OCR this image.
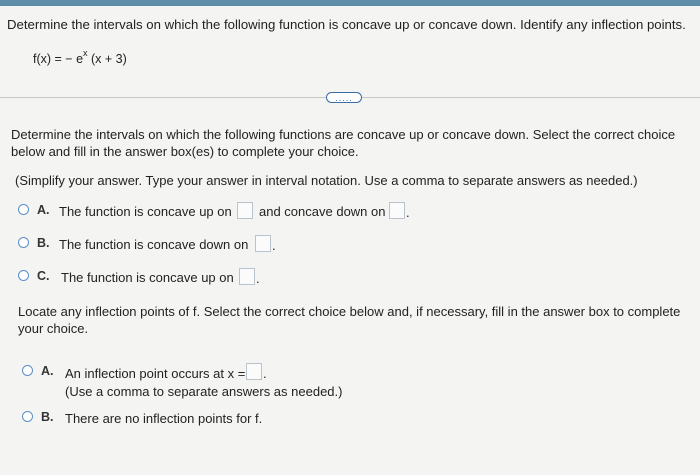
Determine the intervals on which the following function is concave up or concave down. Identify any inflection points.
f(x) = − $e^x$ (x + 3)
.....
Determine the intervals on which the following functions are concave up or concave down. Select the correct choice below and fill in the answer box(es) to complete your choice.
(Simplify your answer. Type your answer in interval notation. Use a comma to separate answers as needed.)
A. The function is concave up on and concave down on .
B. The function is concave down on .
C. The function is concave up on .
Locate any inflection points of f. Select the correct choice below and, if necessary, fill in the answer box to complete your choice.
A. An inflection point occurs at x = .
(Use a comma to separate answers as needed.)
B. There are no inflection points for f.
